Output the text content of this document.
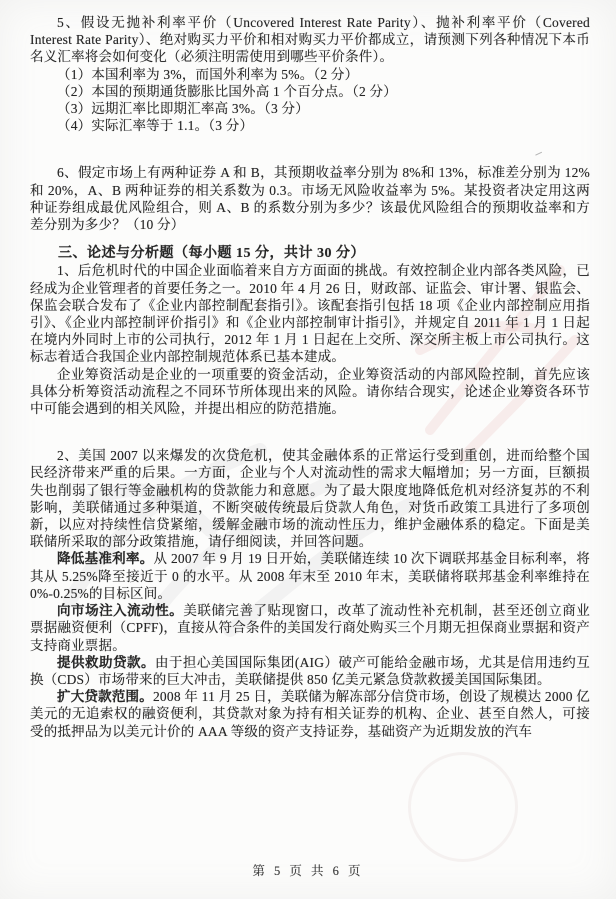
5、假设无抛补利率平价（Uncovered Interest Rate Parity）、抛补利率平价（Covered Interest Rate Parity）、绝对购买力平价和相对购买力平价都成立，请预测下列各种情况下本币名义汇率将会如何变化（必须注明需使用到哪些平价条件）。

（1）本国利率为 3%，而国外利率为 5%。（2 分）

（2）本国的预期通货膨胀比国外高 1 个百分点。（2 分）

（3）远期汇率比即期汇率高 3%。（3 分）

（4）实际汇率等于 1.1。（3 分）

6、假定市场上有两种证券 A 和 B，其预期收益率分别为 8%和 13%，标准差分别为 12%和 20%，A、B 两种证券的相关系数为 0.3。市场无风险收益率为 5%。某投资者决定用这两种证券组成最优风险组合，则 A、B 的系数分别为多少？该最优风险组合的预期收益率和方差分别为多少？（10 分）

三、论述与分析题（每小题 15 分，共计 30 分）

1、后危机时代的中国企业面临着来自方方面面的挑战。有效控制企业内部各类风险，已经成为企业管理者的首要任务之一。2010 年 4 月 26 日，财政部、证监会、审计署、银监会、保监会联合发布了《企业内部控制配套指引》。该配套指引包括 18 项《企业内部控制应用指引》、《企业内部控制评价指引》和《企业内部控制审计指引》，并规定自 2011 年 1 月 1 日起在境内外同时上市的公司执行，2012 年 1 月 1 日起在上交所、深交所主板上市公司执行。这标志着适合我国企业内部控制规范体系已基本建成。

企业筹资活动是企业的一项重要的资金活动，企业筹资活动的内部风险控制，首先应该具体分析筹资活动流程之不同环节所体现出来的风险。请你结合现实，论述企业筹资各环节中可能会遇到的相关风险，并提出相应的防范措施。

2、美国 2007 以来爆发的次贷危机，使其金融体系的正常运行受到重创，进而给整个国民经济带来严重的后果。一方面，企业与个人对流动性的需求大幅增加；另一方面，巨额损失也削弱了银行等金融机构的贷款能力和意愿。为了最大限度地降低危机对经济复苏的不利影响，美联储通过多种渠道，不断突破传统最后贷款人角色，对货币政策工具进行了多项创新，以应对持续性信贷紧缩，缓解金融市场的流动性压力，维护金融体系的稳定。下面是美联储所采取的部分政策措施，请仔细阅读，并回答问题。

降低基准利率。从 2007 年 9 月 19 日开始，美联储连续 10 次下调联邦基金目标利率，将其从 5.25%降至接近于 0 的水平。从 2008 年末至 2010 年末，美联储将联邦基金利率维持在 0%-0.25%的目标区间。

向市场注入流动性。美联储完善了贴现窗口，改革了流动性补充机制，甚至还创立商业票据融资便利（CPFF)，直接从符合条件的美国发行商处购买三个月期无担保商业票据和资产支持商业票据。

提供救助贷款。由于担心美国国际集团(AIG）破产可能给金融市场，尤其是信用违约互换（CDS）市场带来的巨大冲击，美联储提供 850 亿美元紧急贷款救援美国国际集团。

扩大贷款范围。2008 年 11 月 25 日，美联储为解冻部分信贷市场，创设了规模达 2000 亿美元的无追索权的融资便利，其贷款对象为持有相关证券的机构、企业、甚至自然人，可接受的抵押品为以美元计价的 AAA 等级的资产支持证券，基础资产为近期发放的汽车

第 5 页 共 6 页
